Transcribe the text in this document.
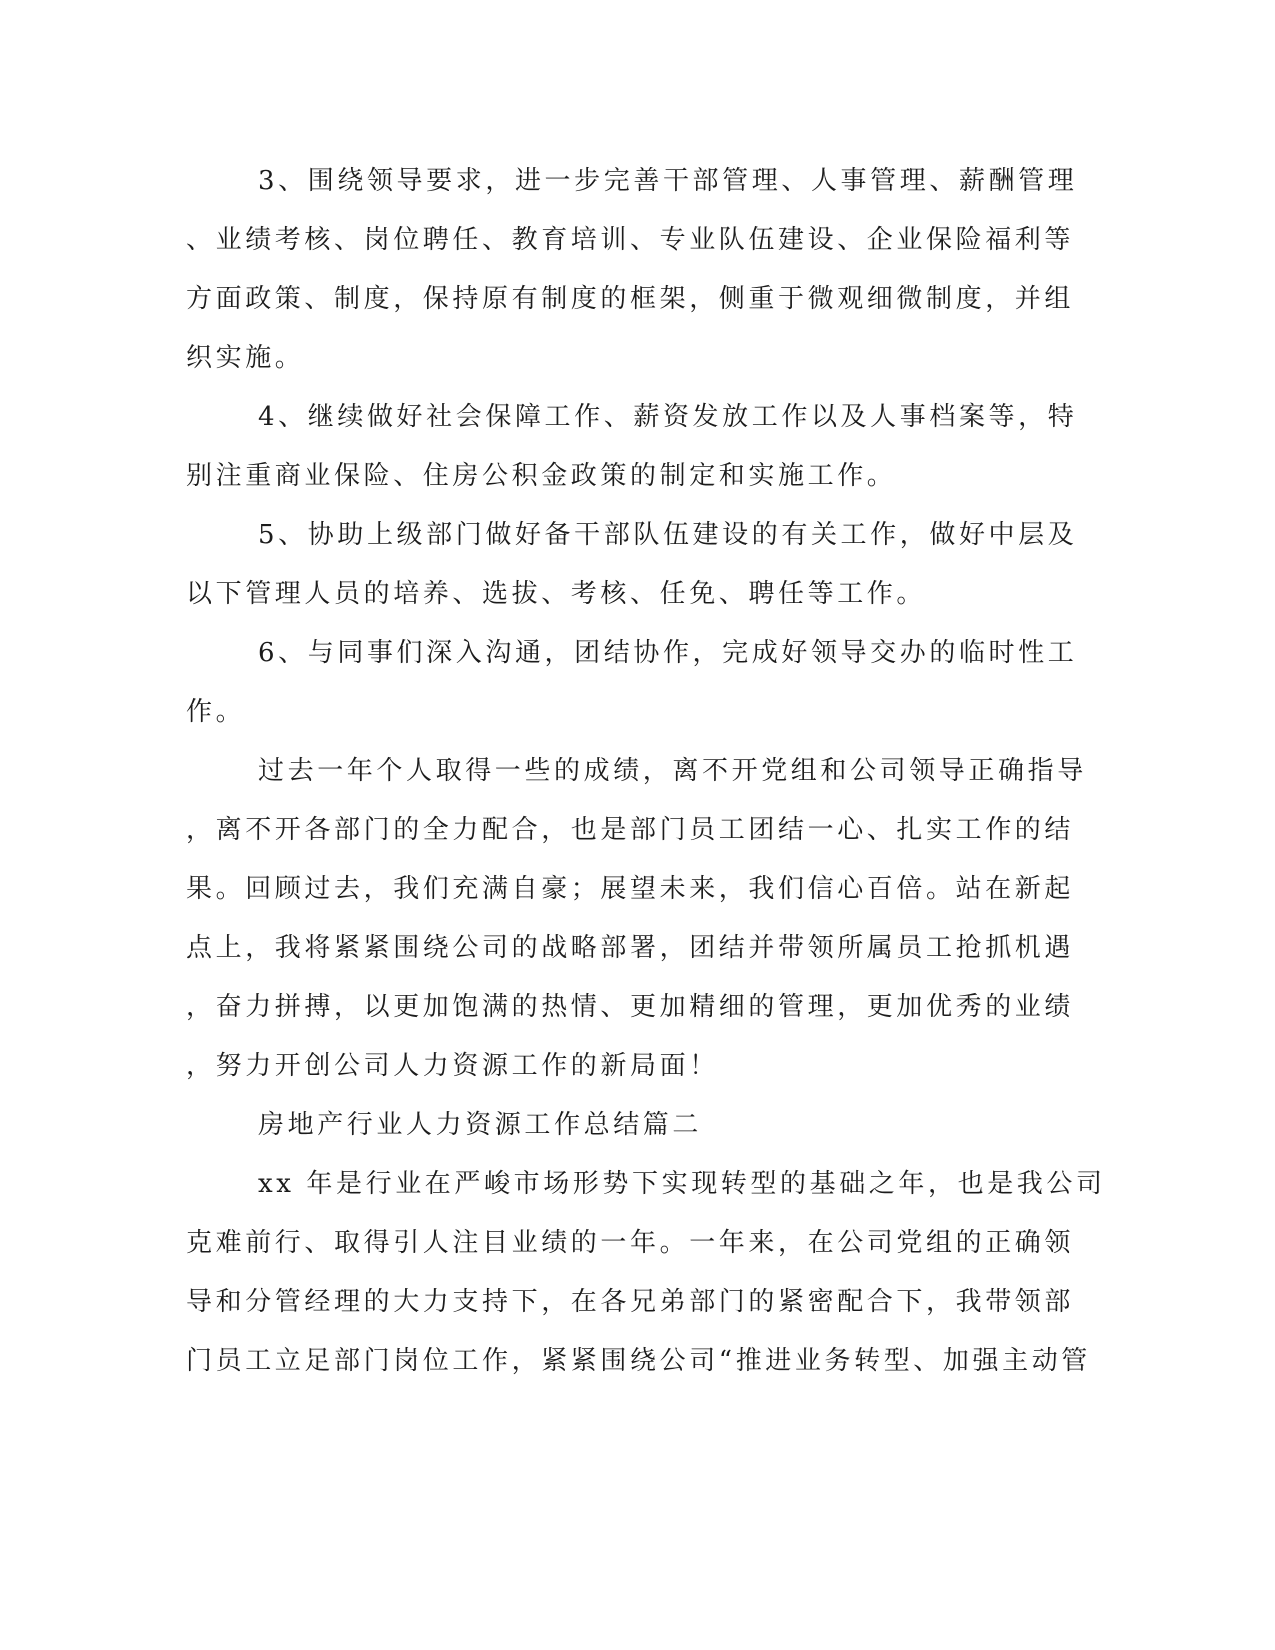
3、围绕领导要求，进一步完善干部管理、人事管理、薪酬管理
、业绩考核、岗位聘任、教育培训、专业队伍建设、企业保险福利等
方面政策、制度，保持原有制度的框架，侧重于微观细微制度，并组
织实施。
4、继续做好社会保障工作、薪资发放工作以及人事档案等，特
别注重商业保险、住房公积金政策的制定和实施工作。
5、协助上级部门做好备干部队伍建设的有关工作，做好中层及
以下管理人员的培养、选拔、考核、任免、聘任等工作。
6、与同事们深入沟通，团结协作，完成好领导交办的临时性工
作。
过去一年个人取得一些的成绩，离不开党组和公司领导正确指导
，离不开各部门的全力配合，也是部门员工团结一心、扎实工作的结
果。回顾过去，我们充满自豪；展望未来，我们信心百倍。站在新起
点上，我将紧紧围绕公司的战略部署，团结并带领所属员工抢抓机遇
，奋力拼搏，以更加饱满的热情、更加精细的管理，更加优秀的业绩
，努力开创公司人力资源工作的新局面！
房地产行业人力资源工作总结篇二
xx 年是行业在严峻市场形势下实现转型的基础之年，也是我公司
克难前行、取得引人注目业绩的一年。一年来，在公司党组的正确领
导和分管经理的大力支持下，在各兄弟部门的紧密配合下，我带领部
门员工立足部门岗位工作，紧紧围绕公司“推进业务转型、加强主动管
